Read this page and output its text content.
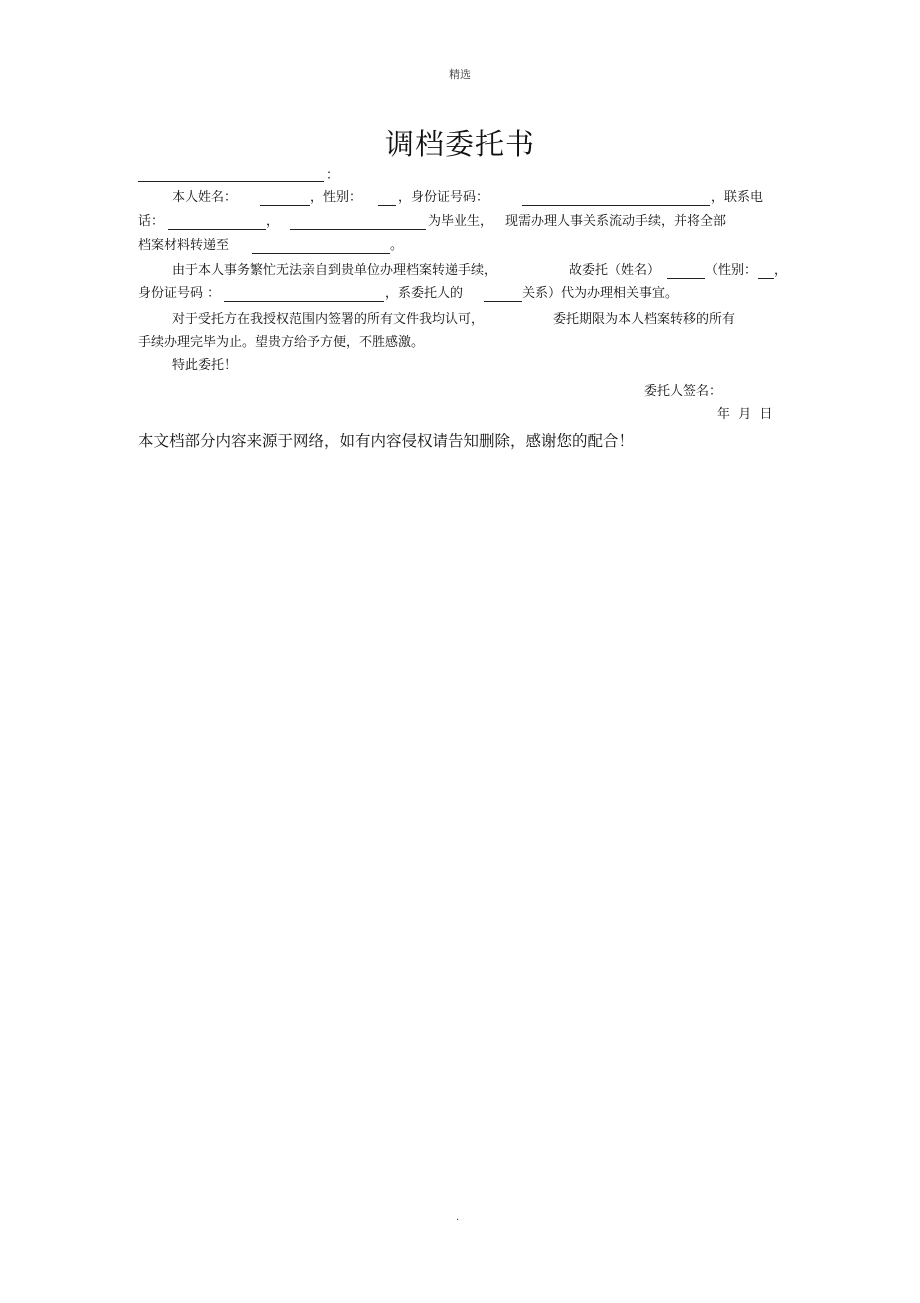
精选
调档委托书
：
本人姓名：	，性别：	，身份证号码：	，联系电
话：	，	为毕业生， 现需办理人事关系流动手续，并将全部
档案材料转递至	。
由于本人事务繁忙无法亲自到贵单位办理档案转递手续，	故委托（姓名）	（性别： ，
身份证号码 ：	，系委托人的	关系）代为办理相关事宜。
对于受托方在我授权范围内签署的所有文件我均认可，	委托期限为本人档案转移的所有
手续办理完毕为止。望贵方给予方便，不胜感激。
特此委托！
委托人签名：
年  月  日
本文档部分内容来源于网络，如有内容侵权请告知删除，感谢您的配合！
.
